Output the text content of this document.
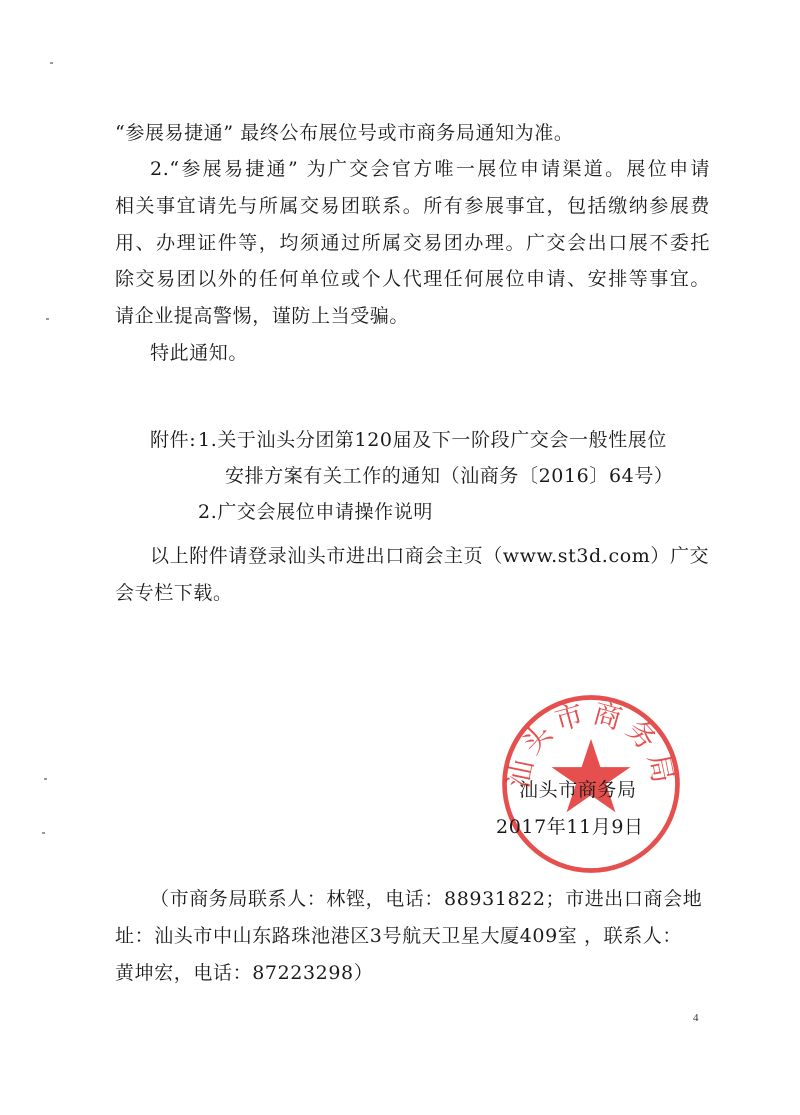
“参展易捷通” 最终公布展位号或市商务局通知为准。
2.“参展易捷通” 为广交会官方唯一展位申请渠道。展位申请
相关事宜请先与所属交易团联系。所有参展事宜，包括缴纳参展费
用、办理证件等，均须通过所属交易团办理。广交会出口展不委托
除交易团以外的任何单位或个人代理任何展位申请、安排等事宜。
请企业提高警惕，谨防上当受骗。
特此通知。
附件: 1.关于汕头分团第120届及下一阶段广交会一般性展位
安排方案有关工作的通知（汕商务〔2016〕64号）
2.广交会展位申请操作说明
以上附件请登录汕头市进出口商会主页（www.st3d.com）广交
会专栏下载。
汕头市商务局
汕头市商务局
2017年11月9日
（市商务局联系人：林铿，电话：88931822；市进出口商会地
址：汕头市中山东路珠池港区3号航天卫星大厦409室 ，联系人：
黄坤宏，电话：87223298）
4
